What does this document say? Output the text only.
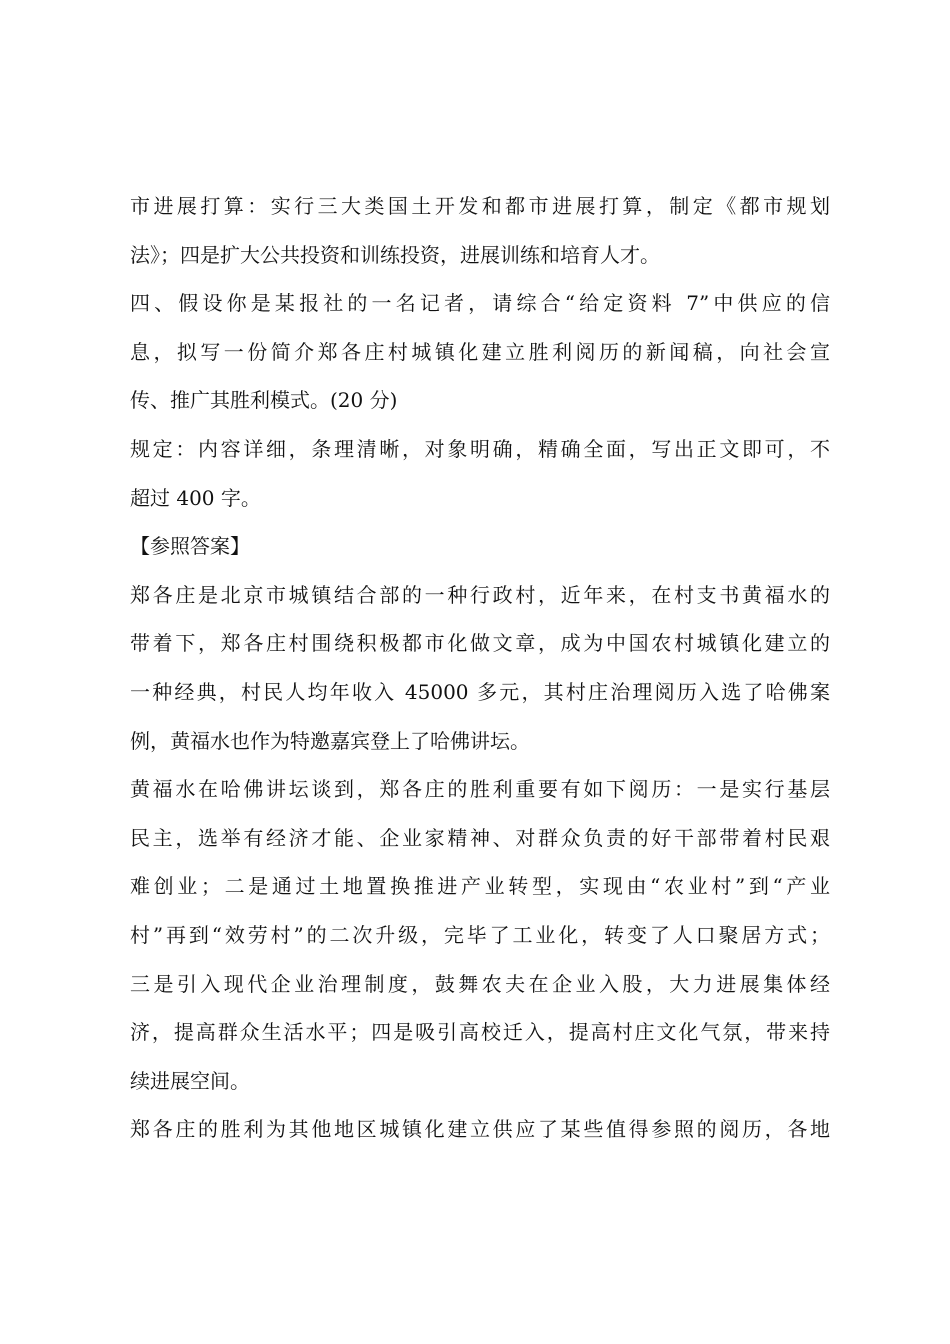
市进展打算：实行三大类国土开发和都市进展打算，制定《都市规划
法》；四是扩大公共投资和训练投资，进展训练和培育人才。
四、假设你是某报社的一名记者，请综合“给定资料 7”中供应的信
息，拟写一份简介郑各庄村城镇化建立胜利阅历的新闻稿，向社会宣
传、推广其胜利模式。(20 分)
规定：内容详细，条理清晰，对象明确，精确全面，写出正文即可，不
超过 400 字。
【参照答案】
郑各庄是北京市城镇结合部的一种行政村，近年来，在村支书黄福水的
带着下，郑各庄村围绕积极都市化做文章，成为中国农村城镇化建立的
一种经典，村民人均年收入 45000 多元，其村庄治理阅历入选了哈佛案
例，黄福水也作为特邀嘉宾登上了哈佛讲坛。
黄福水在哈佛讲坛谈到，郑各庄的胜利重要有如下阅历：一是实行基层
民主，选举有经济才能、企业家精神、对群众负责的好干部带着村民艰
难创业；二是通过土地置换推进产业转型，实现由“农业村”到“产业
村”再到“效劳村”的二次升级，完毕了工业化，转变了人口聚居方式；
三是引入现代企业治理制度，鼓舞农夫在企业入股，大力进展集体经
济，提高群众生活水平；四是吸引高校迁入，提高村庄文化气氛，带来持
续进展空间。
郑各庄的胜利为其他地区城镇化建立供应了某些值得参照的阅历，各地
